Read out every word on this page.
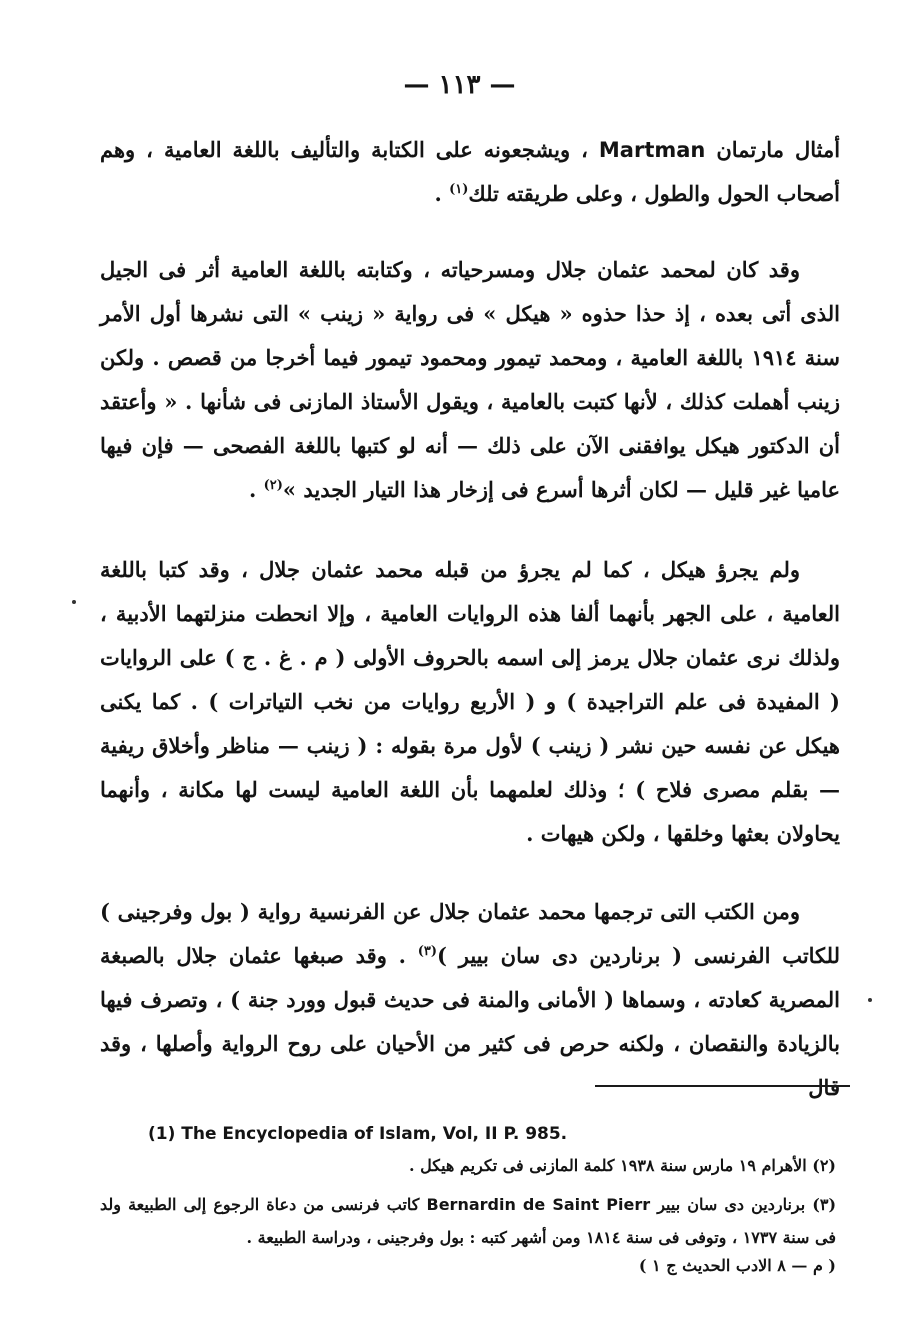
— ١١٣ —

أمثال مارتمان Martman ، ويشجعونه على الكتابة والتأليف باللغة العامية ، وهم أصحاب الحول والطول ، وعلى طريقته تلك$^{(١)}$ .

وقد كان لمحمد عثمان جلال ومسرحياته ، وكتابته باللغة العامية أثر فى الجيل الذى أتى بعده ، إذ حذا حذوه « هيكل » فى رواية « زينب » التى نشرها أول الأمر سنة ١٩١٤ باللغة العامية ، ومحمد تيمور ومحمود تيمور فيما أخرجا من قصص . ولكن زينب أهملت كذلك ، لأنها كتبت بالعامية ، ويقول الأستاذ المازنى فى شأنها . « وأعتقد أن الدكتور هيكل يوافقنى الآن على ذلك — أنه لو كتبها باللغة الفصحى — فإن فيها عاميا غير قليل — لكان أثرها أسرع فى إزخار هذا التيار الجديد »$^{(٢)}$ .

ولم يجرؤ هيكل ، كما لم يجرؤ من قبله محمد عثمان جلال ، وقد كتبا باللغة العامية ، على الجهر بأنهما ألفا هذه الروايات العامية ، وإلا انحطت منزلتهما الأدبية ، ولذلك نرى عثمان جلال يرمز إلى اسمه بالحروف الأولى ( م . غ . ج ) على الروايات ( المفيدة فى علم التراجيدة ) و ( الأربع روايات من نخب التياترات ) . كما يكنى هيكل عن نفسه حين نشر ( زينب ) لأول مرة بقوله : ( زينب — مناظر وأخلاق ريفية — بقلم مصرى فلاح ) ؛ وذلك لعلمهما بأن اللغة العامية ليست لها مكانة ، وأنهما يحاولان بعثها وخلقها ، ولكن هيهات .

ومن الكتب التى ترجمها محمد عثمان جلال عن الفرنسية رواية ( بول وفرجينى ) للكاتب الفرنسى ( برناردين دى سان بيير )$^{(٣)}$ . وقد صبغها عثمان جلال بالصبغة المصرية كعادته ، وسماها ( الأمانى والمنة فى حديث قبول وورد جنة ) ، وتصرف فيها بالزيادة والنقصان ، ولكنه حرص فى كثير من الأحيان على روح الرواية وأصلها ، وقد قال

(1) The Encyclopedia of Islam, Vol, II P. 985.

(٢) الأهرام ١٩ مارس سنة ١٩٣٨ كلمة المازنى فى تكريم هيكل .

(٣) برناردين دى سان بيير Bernardin de Saint Pierr كاتب فرنسى من دعاة الرجوع إلى الطبيعة ولد فى سنة ١٧٣٧ ، وتوفى فى سنة ١٨١٤ ومن أشهر كتبه : بول وفرجينى ، ودراسة الطبيعة .

( م — ٨ الادب الحديث ج ١ )
